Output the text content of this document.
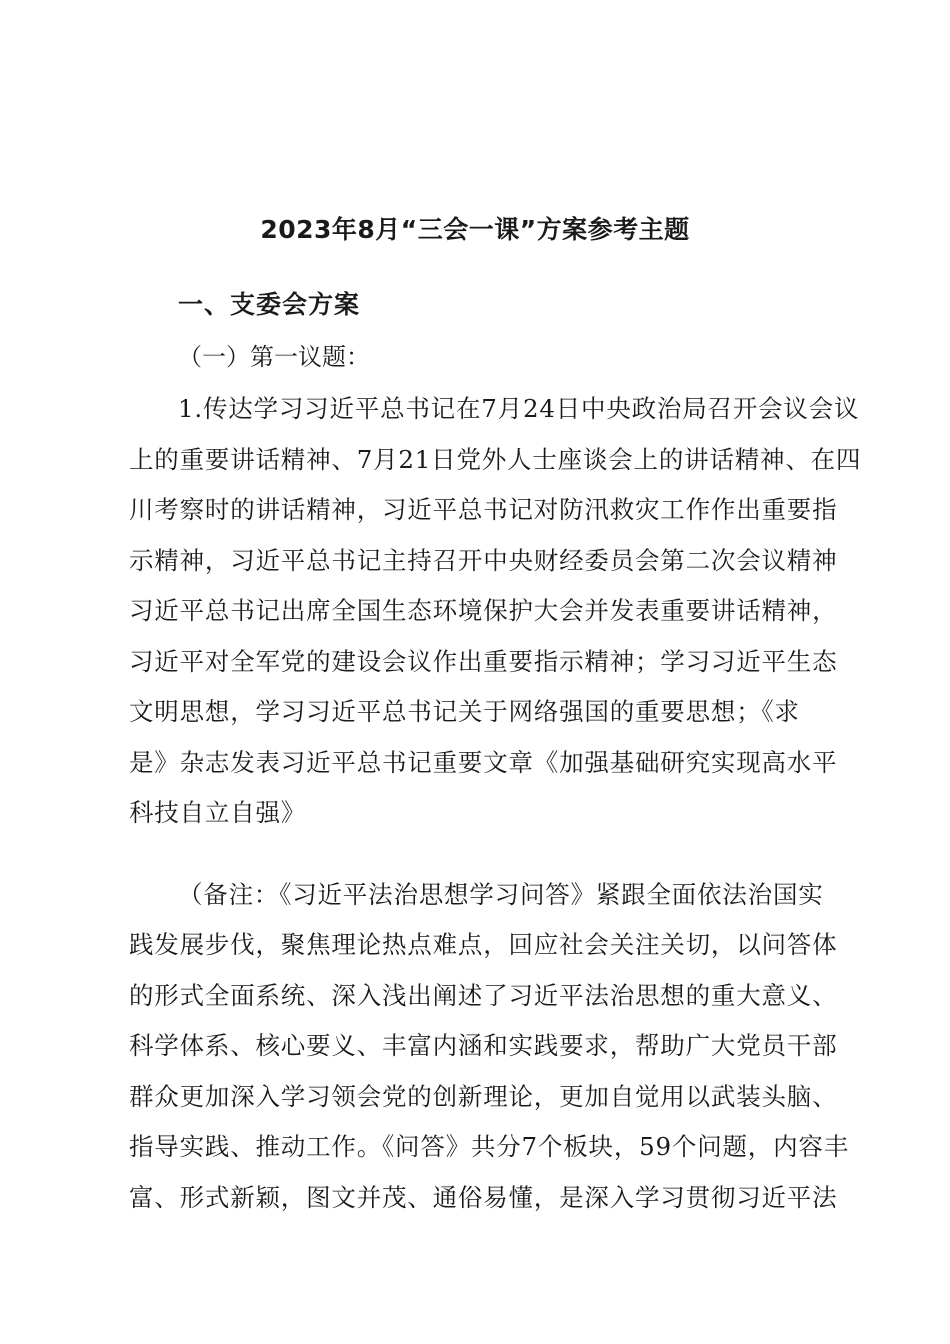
2023年8月“三会一课”方案参考主题
一、支委会方案
（一）第一议题：
1.传达学习习近平总书记在7月24日中央政治局召开会议会议
上的重要讲话精神、7月21日党外人士座谈会上的讲话精神、在四
川考察时的讲话精神，习近平总书记对防汛救灾工作作出重要指
示精神，习近平总书记主持召开中央财经委员会第二次会议精神
习近平总书记出席全国生态环境保护大会并发表重要讲话精神，
习近平对全军党的建设会议作出重要指示精神；学习习近平生态
文明思想，学习习近平总书记关于网络强国的重要思想；《求
是》杂志发表习近平总书记重要文章《加强基础研究实现高水平
科技自立自强》
（备注：《习近平法治思想学习问答》紧跟全面依法治国实
践发展步伐，聚焦理论热点难点，回应社会关注关切，以问答体
的形式全面系统、深入浅出阐述了习近平法治思想的重大意义、
科学体系、核心要义、丰富内涵和实践要求，帮助广大党员干部
群众更加深入学习领会党的创新理论，更加自觉用以武装头脑、
指导实践、推动工作。《问答》共分7个板块，59个问题，内容丰
富、形式新颖，图文并茂、通俗易懂，是深入学习贯彻习近平法
